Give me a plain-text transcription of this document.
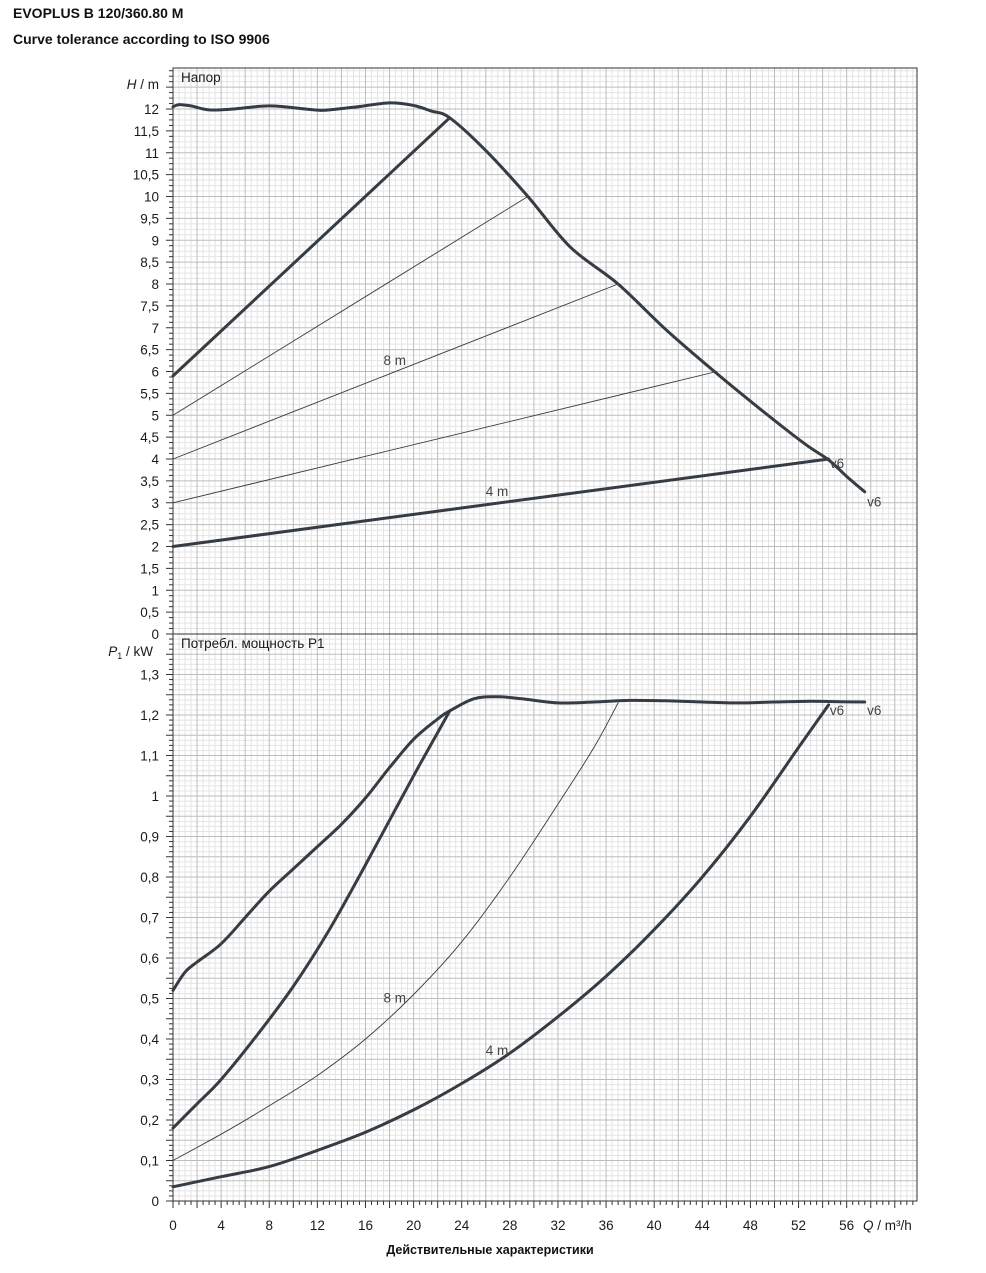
EVOPLUS B 120/360.80 M
Curve tolerance according to ISO 9906
0
0,5
1
1,5
2
2,5
3
3,5
4
4,5
5
5,5
6
6,5
7
7,5
8
8,5
9
9,5
10
10,5
11
11,5
12
0
0,1
0,2
0,3
0,4
0,5
0,6
0,7
0,8
0,9
1
1,1
1,2
1,3
0	4	8	12 16 20 24 28 32 36 40 44 48 52 56
Напор
H / m
8 m
4 m
v6
v6
Потребл. мощность P1
$P_1$ / kW
8 m
4 m
v6 v6
Q / m³/h
Действительные характеристики
